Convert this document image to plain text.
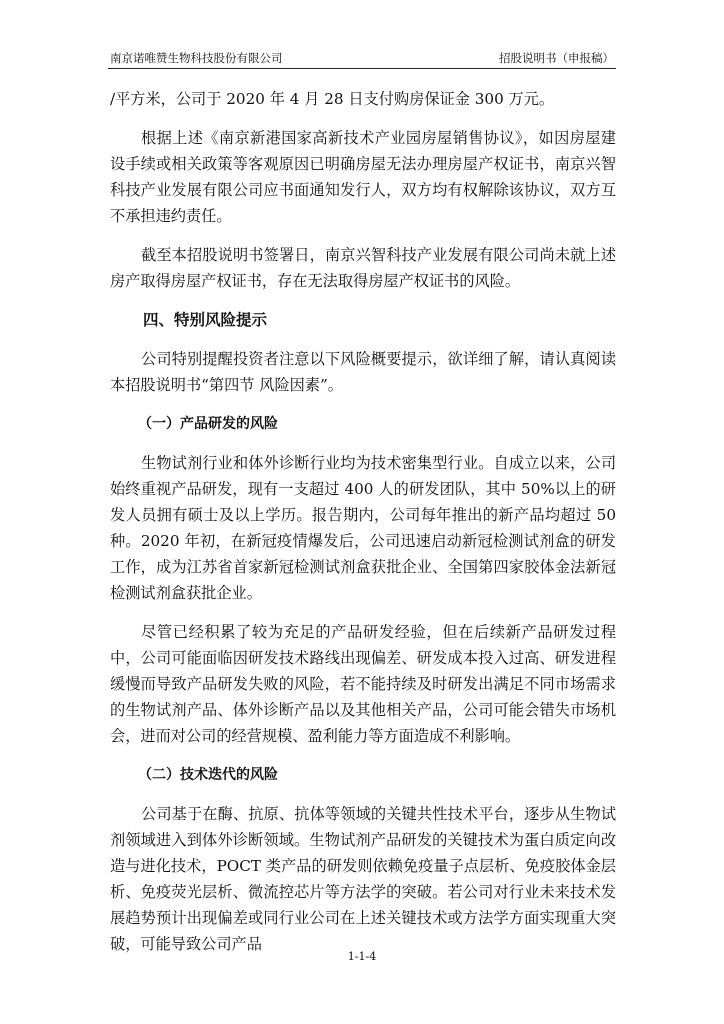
南京诺唯赞生物科技股份有限公司	招股说明书（申报稿）

/平方米，公司于 2020 年 4 月 28 日支付购房保证金 300 万元。

根据上述《南京新港国家高新技术产业园房屋销售协议》，如因房屋建设手续或相关政策等客观原因已明确房屋无法办理房屋产权证书，南京兴智科技产业发展有限公司应书面通知发行人，双方均有权解除该协议，双方互不承担违约责任。

截至本招股说明书签署日，南京兴智科技产业发展有限公司尚未就上述房产取得房屋产权证书，存在无法取得房屋产权证书的风险。

四、特别风险提示

公司特别提醒投资者注意以下风险概要提示，欲详细了解，请认真阅读本招股说明书“第四节 风险因素”。

（一）产品研发的风险

生物试剂行业和体外诊断行业均为技术密集型行业。自成立以来，公司始终重视产品研发，现有一支超过 400 人的研发团队，其中 50%以上的研发人员拥有硕士及以上学历。报告期内，公司每年推出的新产品均超过 50 种。2020 年初，在新冠疫情爆发后，公司迅速启动新冠检测试剂盒的研发工作，成为江苏省首家新冠检测试剂盒获批企业、全国第四家胶体金法新冠检测试剂盒获批企业。

尽管已经积累了较为充足的产品研发经验，但在后续新产品研发过程中，公司可能面临因研发技术路线出现偏差、研发成本投入过高、研发进程缓慢而导致产品研发失败的风险，若不能持续及时研发出满足不同市场需求的生物试剂产品、体外诊断产品以及其他相关产品，公司可能会错失市场机会，进而对公司的经营规模、盈利能力等方面造成不利影响。

（二）技术迭代的风险

公司基于在酶、抗原、抗体等领域的关键共性技术平台，逐步从生物试剂领域进入到体外诊断领域。生物试剂产品研发的关键技术为蛋白质定向改造与进化技术，POCT 类产品的研发则依赖免疫量子点层析、免疫胶体金层析、免疫荧光层析、微流控芯片等方法学的突破。若公司对行业未来技术发展趋势预计出现偏差或同行业公司在上述关键技术或方法学方面实现重大突破，可能导致公司产品

1-1-4
